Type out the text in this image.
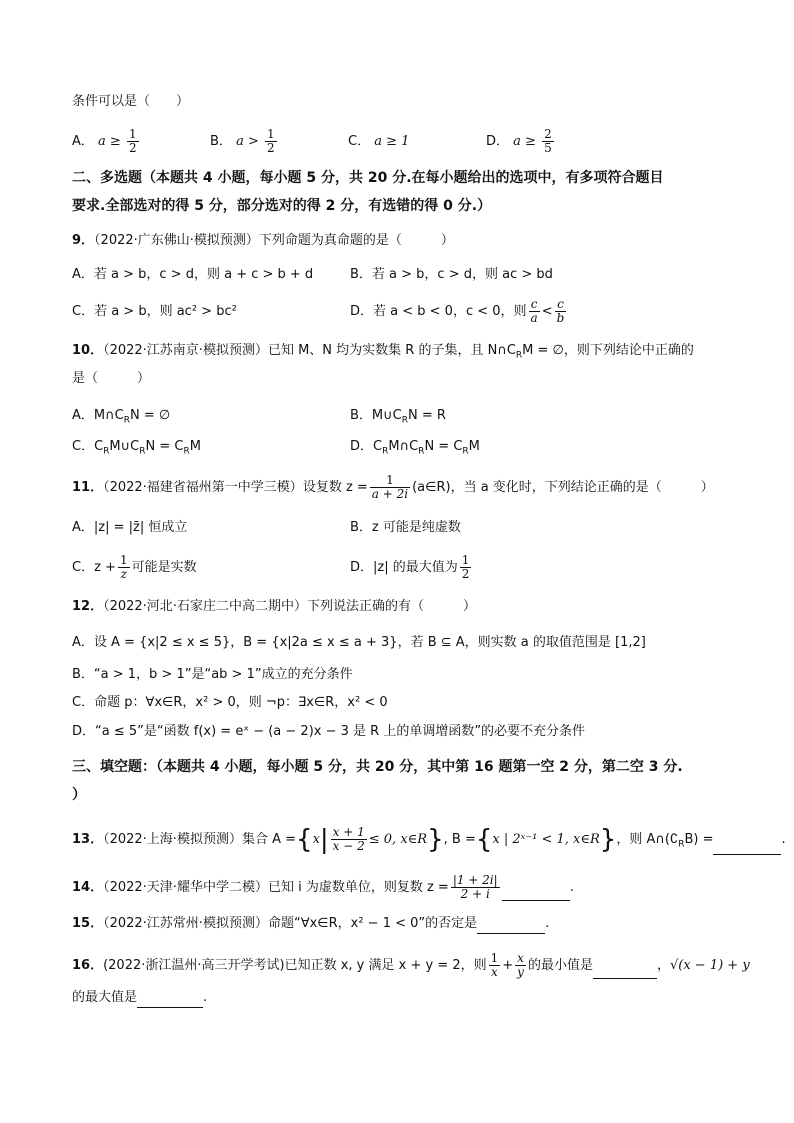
条件可以是（　　）
A． $a \ge \frac{1}{2}$	B． $a > \frac{1}{2}$	C． a ≥ 1	D． $a \ge \frac{2}{5}$
二、多选题（本题共 4 小题，每小题 5 分，共 20 分.在每小题给出的选项中，有多项符合题目
要求.全部选对的得 5 分，部分选对的得 2 分，有选错的得 0 分.）
9．（2022·广东佛山·模拟预测）下列命题为真命题的是（　　　）
A．若 a > b，c > d，则 a + c > b + d	B．若 a > b，c > d，则 ac > bd
C．若 a > b，则 ac² > bc²	D．若 a < b < 0，c < 0，则 $\frac{c}{a} < \frac{c}{b}$
10．（2022·江苏南京·模拟预测）已知 M、N 均为实数集 R 的子集，且 $N\cap C_RM$ = ∅，则下列结论中正确的
是（　　　）
A．$M\cap C_RN$ = ∅	B．$M\cup C_RN = R$
C．$C_RM\cup C_RN = C_RM$	D．$C_RM\cap C_RN = C_RM$
11．（2022·福建省福州第一中学三模）设复数 $z = \frac{1}{a + 2i}$ (a∈R)，当 a 变化时，下列结论正确的是（　　　）
A．|z| = |z̄| 恒成立	B．z 可能是纯虚数
C．$z + \frac{1}{z}$ 可能是实数	D．|z| 的最大值为 $\frac{1}{2}$
12．（2022·河北·石家庄二中高二期中）下列说法正确的有（　　　）
A．设 A = {x|2 ≤ x ≤ 5}，B = {x|2a ≤ x ≤ a + 3}，若 B ⊆ A，则实数 a 的取值范围是 [1,2]
B．“a > 1，b > 1”是“ab > 1”成立的充分条件
C．命题 p：∀x∈R，x² > 0，则 ¬p：∃x∈R，x² < 0
D．“a ≤ 5”是“函数 f(x) = eˣ − (a − 2)x − 3 是 R 上的单调增函数”的必要不充分条件
三、填空题：（本题共 4 小题，每小题 5 分，共 20 分，其中第 16 题第一空 2 分，第二空 3 分.
）
13．（2022·上海·模拟预测）集合 $A =\{x| \frac{x + 1}{x - 2} \le 0$, x∈R}, B ={x | 2ˣ⁻¹ < 1, x∈R}，则 $A\cap(∁_RB)$ =	.
14．（2022·天津·耀华中学二模）已知 i 为虚数单位，则复数 $z = \frac{|1 + 2i|}{2 + i}$	.
15．（2022·江苏常州·模拟预测）命题“∀x∈R，x² − 1 < 0”的否定是	.
16．(2022·浙江温州·高三开学考试)已知正数 x, y 满足 x + y = 2，则 $\frac{1}{x} + \frac{x}{y}$ 的最小值是	，√(x − 1) + y
的最大值是	.
